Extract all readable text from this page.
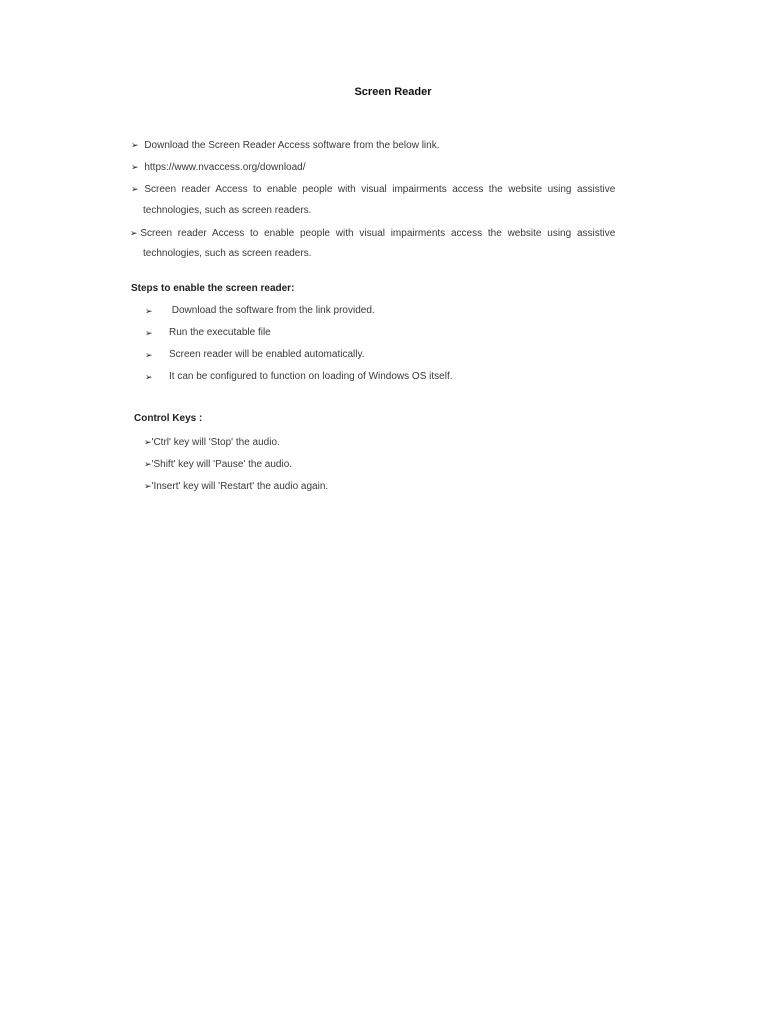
Screen Reader
➢ Download the Screen Reader Access software from the below link.
➢ https://www.nvaccess.org/download/
➢ Screen reader Access to enable people with visual impairments access the website using assistive
technologies, such as screen readers.
➢ Screen reader Access to enable people with visual impairments access the website using assistive
technologies, such as screen readers.
Steps to enable the screen reader:
➢ Download the software from the link provided.
➢ Run the executable file
➢ Screen reader will be enabled automatically.
➢ It can be configured to function on loading of Windows OS itself.
Control Keys :
➢'Ctrl' key will 'Stop' the audio.
➢'Shift' key will 'Pause' the audio.
➢'Insert' key will 'Restart' the audio again.
